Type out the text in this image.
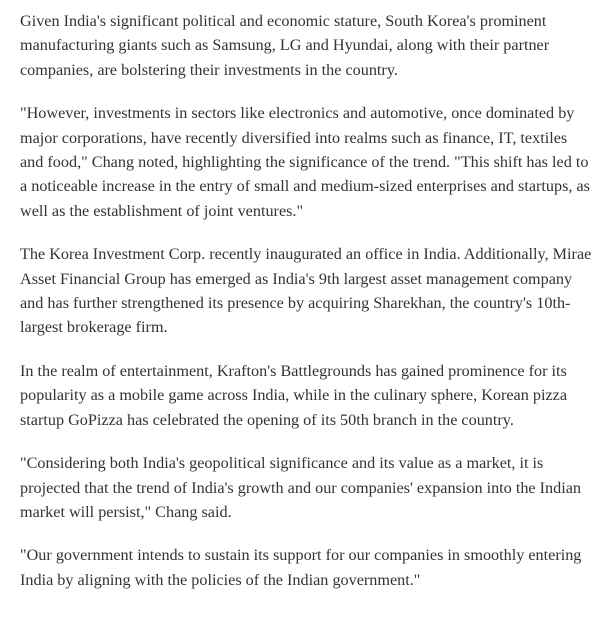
Given India's significant political and economic stature, South Korea's prominent manufacturing giants such as Samsung, LG and Hyundai, along with their partner companies, are bolstering their investments in the country.

"However, investments in sectors like electronics and automotive, once dominated by major corporations, have recently diversified into realms such as finance, IT, textiles and food," Chang noted, highlighting the significance of the trend. "This shift has led to a noticeable increase in the entry of small and medium-sized enterprises and startups, as well as the establishment of joint ventures."

The Korea Investment Corp. recently inaugurated an office in India. Additionally, Mirae Asset Financial Group has emerged as India's 9th largest asset management company and has further strengthened its presence by acquiring Sharekhan, the country's 10th-largest brokerage firm.

In the realm of entertainment, Krafton's Battlegrounds has gained prominence for its popularity as a mobile game across India, while in the culinary sphere, Korean pizza startup GoPizza has celebrated the opening of its 50th branch in the country.

"Considering both India's geopolitical significance and its value as a market, it is projected that the trend of India's growth and our companies' expansion into the Indian market will persist," Chang said.

"Our government intends to sustain its support for our companies in smoothly entering India by aligning with the policies of the Indian government."
